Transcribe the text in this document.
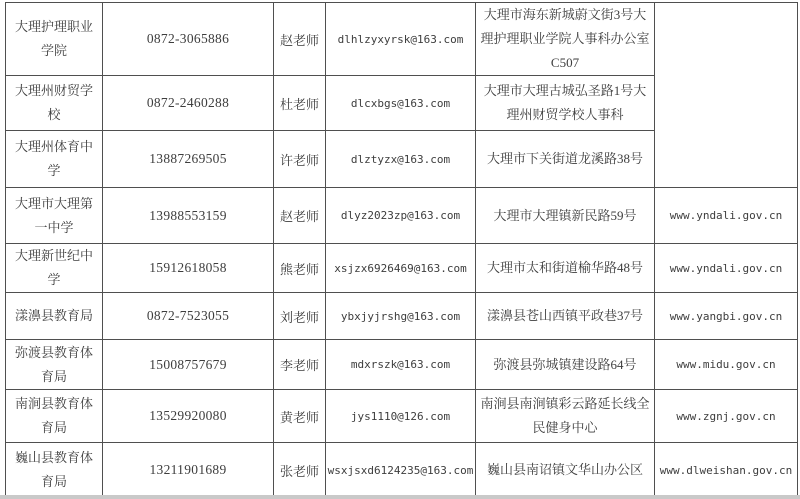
大理护理职业学院	0872-3065886	赵老师	dlhlzyxyrsk@163.com	大理市海东新城蔚文街3号大理护理职业学院人事科办公室C507	
大理州财贸学校	0872-2460288	杜老师	dlcxbgs@163.com	大理市大理古城弘圣路1号大理州财贸学校人事科	
大理州体育中学	13887269505	许老师	dlztyzx@163.com	大理市下关街道龙溪路38号	
大理市大理第一中学	13988553159	赵老师	dlyz2023zp@163.com	大理市大理镇新民路59号	www.yndali.gov.cn
大理新世纪中学	15912618058	熊老师	xsjzx6926469@163.com	大理市太和街道榆华路48号	www.yndali.gov.cn
漾濞县教育局	0872-7523055	刘老师	ybxjyjrshg@163.com	漾濞县苍山西镇平政巷37号	www.yangbi.gov.cn
弥渡县教育体育局	15008757679	李老师	mdxrszk@163.com	弥渡县弥城镇建设路64号	www.midu.gov.cn
南涧县教育体育局	13529920080	黄老师	jys1110@126.com	南涧县南涧镇彩云路延长线全民健身中心	www.zgnj.gov.cn
巍山县教育体育局	13211901689	张老师	wsxjsxd6124235@163.com	巍山县南诏镇文华山办公区	www.dlweishan.gov.cn
